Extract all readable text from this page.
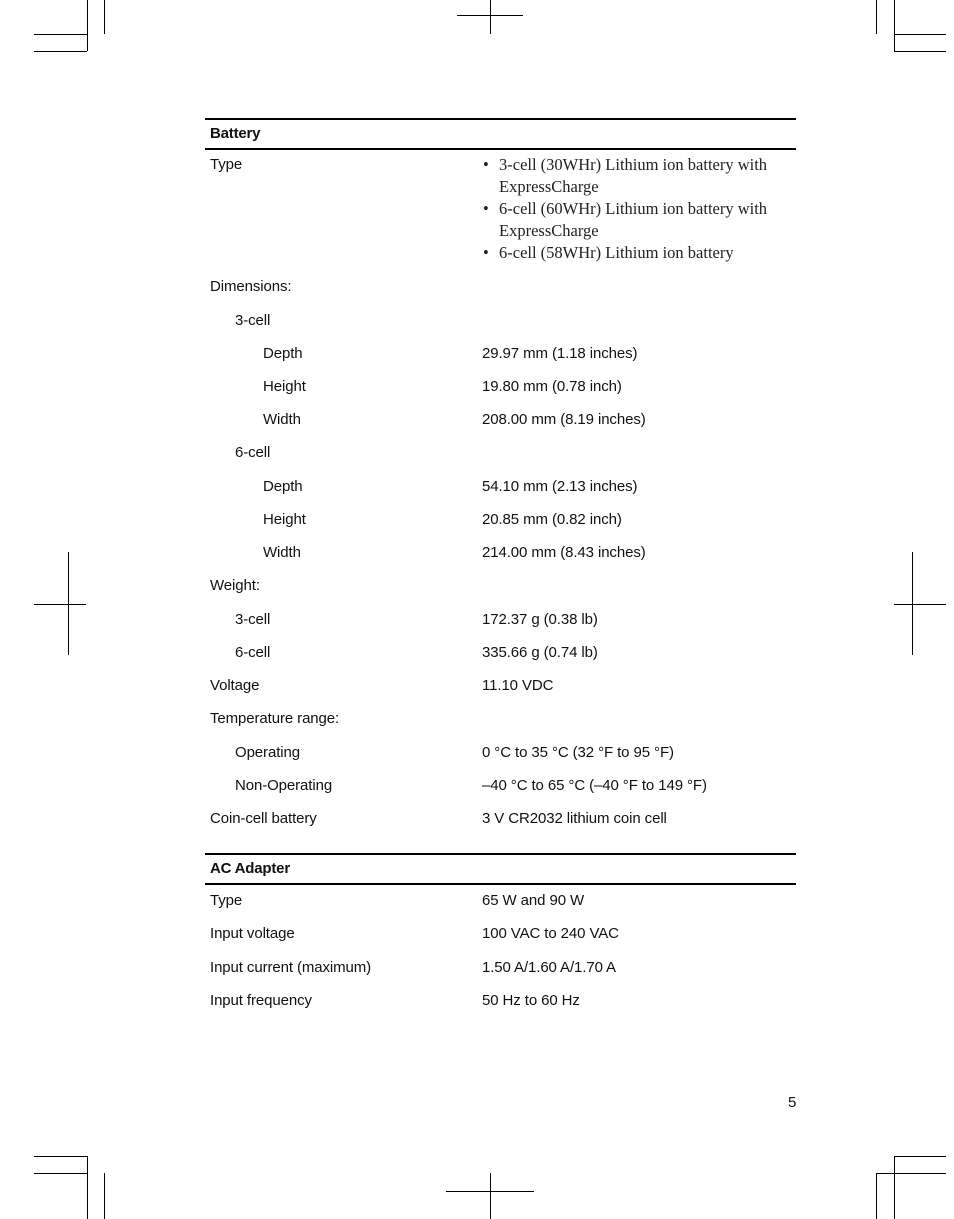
Battery
Type	• 3-cell (30WHr) Lithium ion battery with ExpressCharge
• 6-cell (60WHr) Lithium ion battery with ExpressCharge
• 6-cell (58WHr) Lithium ion battery
Dimensions:
3-cell
Depth	29.97 mm (1.18 inches)
Height	19.80 mm (0.78 inch)
Width	208.00 mm (8.19 inches)
6-cell
Depth	54.10 mm (2.13 inches)
Height	20.85 mm (0.82 inch)
Width	214.00 mm (8.43 inches)
Weight:
3-cell	172.37 g (0.38 lb)
6-cell	335.66 g (0.74 lb)
Voltage	11.10 VDC
Temperature range:
Operating	0 °C to 35 °C (32 °F to 95 °F)
Non-Operating	–40 °C to 65 °C (–40 °F to 149 °F)
Coin-cell battery	3 V CR2032 lithium coin cell
AC Adapter
Type	65 W and 90 W
Input voltage	100 VAC to 240 VAC
Input current (maximum)	1.50 A/1.60 A/1.70 A
Input frequency	50 Hz to 60 Hz
5
